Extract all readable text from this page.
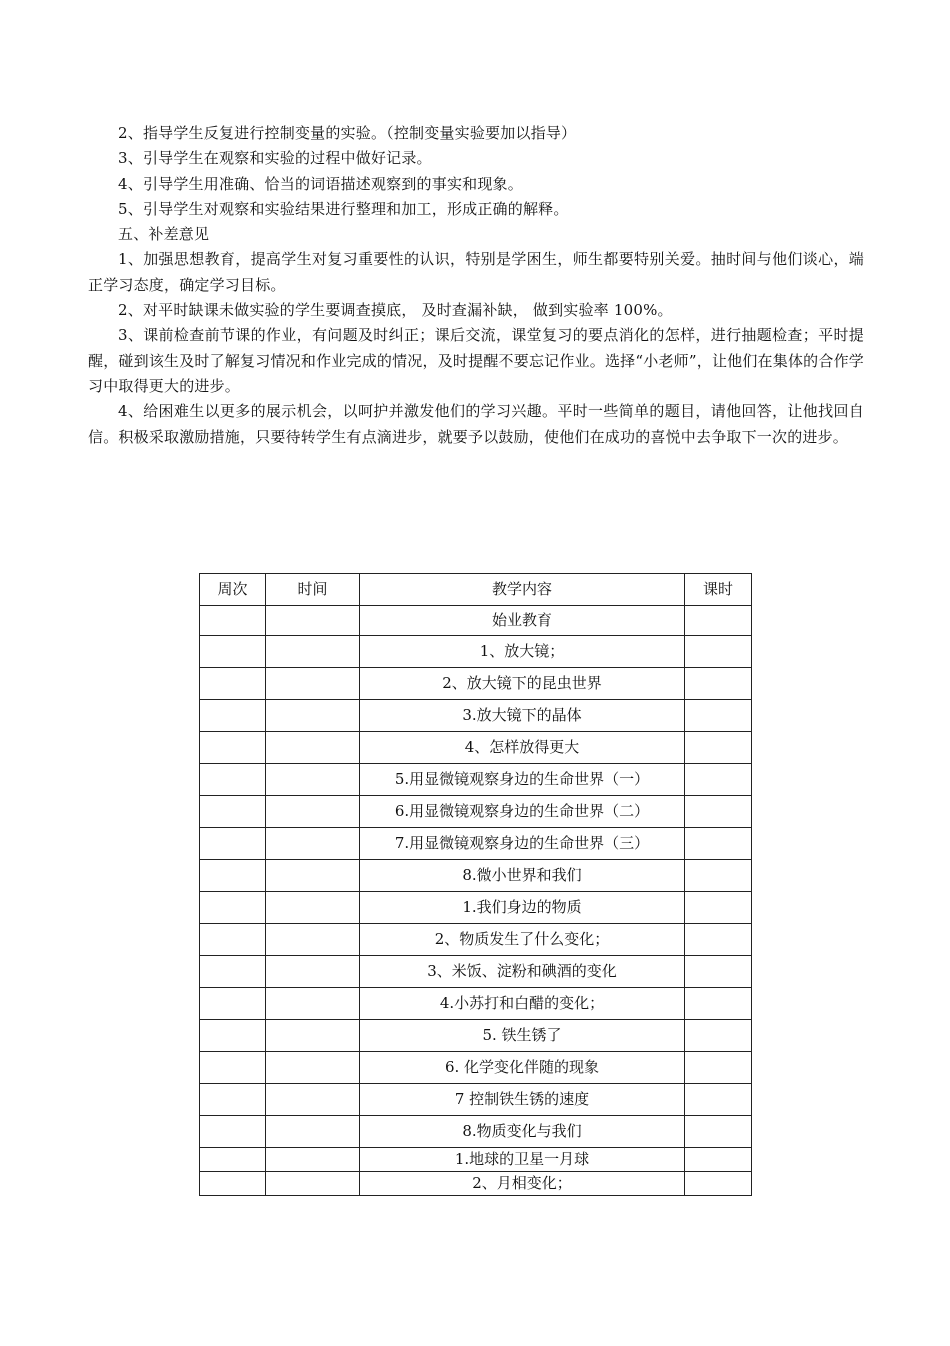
2、指导学生反复进行控制变量的实验。（控制变量实验要加以指导）

3、引导学生在观察和实验的过程中做好记录。

4、引导学生用准确、恰当的词语描述观察到的事实和现象。

5、引导学生对观察和实验结果进行整理和加工，形成正确的解释。

五、补差意见

1、加强思想教育，提高学生对复习重要性的认识，特别是学困生，师生都要特别关爱。抽时间与他们谈心，端正学习态度，确定学习目标。

2、对平时缺课未做实验的学生要调查摸底， 及时查漏补缺， 做到实验率 100%。

3、课前检查前节课的作业，有问题及时纠正；课后交流，课堂复习的要点消化的怎样，进行抽题检查；平时提醒，碰到该生及时了解复习情况和作业完成的情况，及时提醒不要忘记作业。选择“小老师”，让他们在集体的合作学习中取得更大的进步。

4、给困难生以更多的展示机会，以呵护并激发他们的学习兴趣。平时一些简单的题目，请他回答，让他找回自信。积极采取激励措施，只要待转学生有点滴进步，就要予以鼓励，使他们在成功的喜悦中去争取下一次的进步。

周次	时间	教学内容	课时
		始业教育	
		1、放大镜；	
		2、放大镜下的昆虫世界	
		3.放大镜下的晶体	
		4、怎样放得更大	
		5.用显微镜观察身边的生命世界（一）	
		6.用显微镜观察身边的生命世界（二）	
		7.用显微镜观察身边的生命世界（三）	
		8.微小世界和我们	
		1.我们身边的物质	
		2、物质发生了什么变化；	
		3、米饭、淀粉和碘酒的变化	
		4.小苏打和白醋的变化；	
		5. 铁生锈了	
		6. 化学变化伴随的现象	
		7 控制铁生锈的速度	
		8.物质变化与我们	
		1.地球的卫星一月球	
		2、月相变化；	
